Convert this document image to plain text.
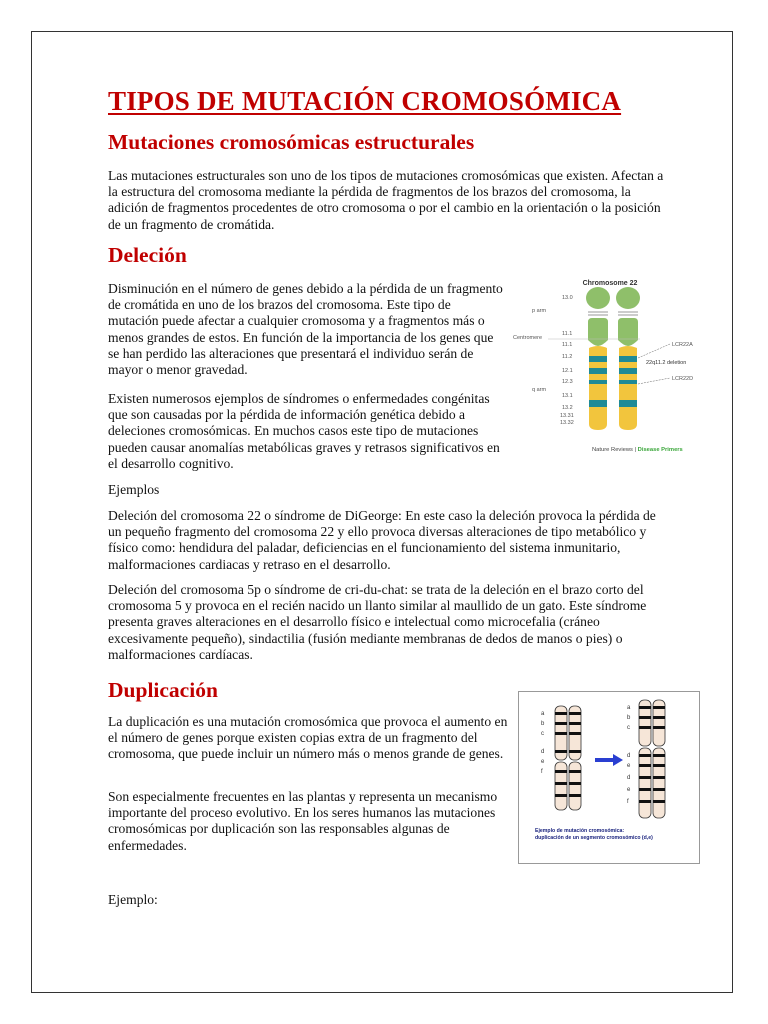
TIPOS DE MUTACIÓN CROMOSÓMICA
Mutaciones cromosómicas estructurales

Las mutaciones estructurales son uno de los tipos de mutaciones cromosómicas que existen. Afectan a la estructura del cromosoma mediante la pérdida de fragmentos de los brazos del cromosoma, la adición de fragmentos procedentes de otro cromosoma o por el cambio en la orientación o la posición de un fragmento de cromátida.

Deleción

Disminución en el número de genes debido a la pérdida de un fragmento de cromátida en uno de los brazos del cromosoma. Este tipo de mutación puede afectar a cualquier cromosoma y a fragmentos más o menos grandes de estos. En función de la importancia de los genes que se han perdido las alteraciones que presentará el individuo serán de mayor o menor gravedad.

Existen numerosos ejemplos de síndromes o enfermedades congénitas que son causadas por la pérdida de información genética debido a deleciones cromosómicas. En muchos casos este tipo de mutaciones pueden causar anomalías metabólicas graves y retrasos significativos en el desarrollo cognitivo.

Chromosome 22
13.0
p arm
Centromere
q arm
11.1
11.1
11.2
12.1
12.3
13.1
13.2
13.31
13.32
LCR22A
22q11.2 deletion
LCR22D
Nature Reviews | Disease Primers

Ejemplos

Deleción del cromosoma 22 o síndrome de DiGeorge: En este caso la deleción provoca la pérdida de un pequeño fragmento del cromosoma 22 y ello provoca diversas alteraciones de tipo metabólico y físico como: hendidura del paladar, deficiencias en el funcionamiento del sistema inmunitario, malformaciones cardiacas y retraso en el desarrollo.

Deleción del cromosoma 5p o síndrome de cri-du-chat: se trata de la deleción en el brazo corto del cromosoma 5 y provoca en el recién nacido un llanto similar al maullido de un gato. Este síndrome presenta graves alteraciones en el desarrollo físico e intelectual como microcefalia (cráneo excesivamente pequeño), sindactilia (fusión mediante membranas de dedos de manos o pies) o malformaciones cardíacas.

Duplicación

La duplicación es una mutación cromosómica que provoca el aumento en el número de genes porque existen copias extra de un fragmento del cromosoma, que puede incluir un número más o menos grande de genes.

Son especialmente frecuentes en las plantas y representa un mecanismo importante del proceso evolutivo. En los seres humanos las mutaciones cromosómicas por duplicación son las responsables algunas de enfermedades.

a
b
c
d
e
f
a
b
c
d
e
d
e
f
Ejemplo de mutación cromosómica:
duplicación de un segmento cromosómico (d,e)

Ejemplo:
